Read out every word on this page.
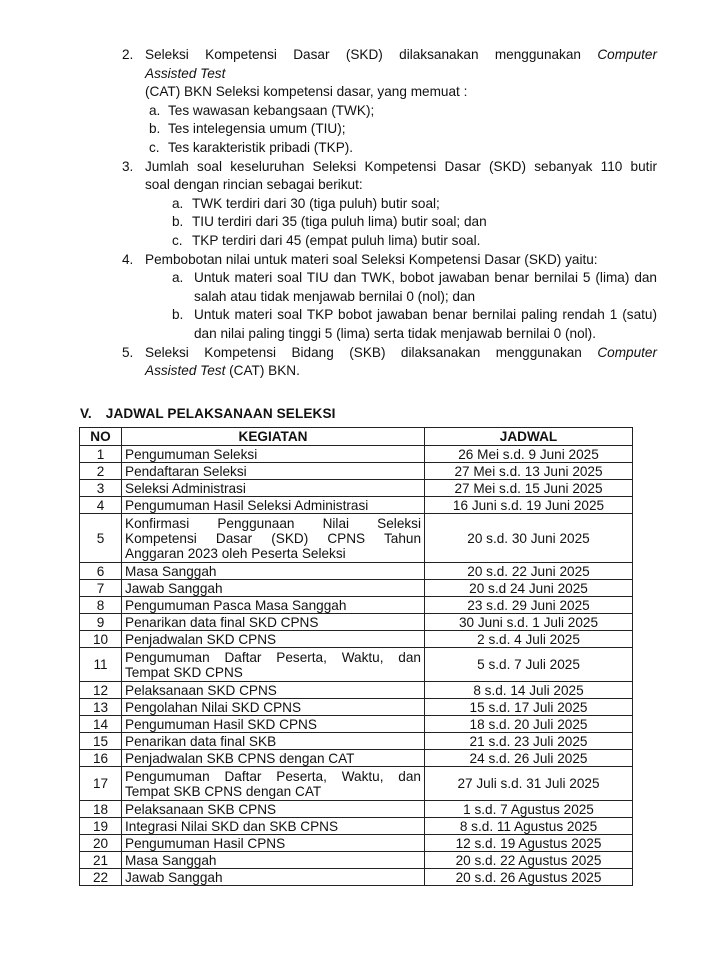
2. Seleksi Kompetensi Dasar (SKD) dilaksanakan menggunakan Computer
Assisted Test
(CAT) BKN Seleksi kompetensi dasar, yang memuat :
a. Tes wawasan kebangsaan (TWK);
b. Tes intelegensia umum (TIU);
c. Tes karakteristik pribadi (TKP).
3. Jumlah soal keseluruhan Seleksi Kompetensi Dasar (SKD) sebanyak 110 butir
soal dengan rincian sebagai berikut:
a. TWK terdiri dari 30 (tiga puluh) butir soal;
b. TIU terdiri dari 35 (tiga puluh lima) butir soal; dan
c. TKP terdiri dari 45 (empat puluh lima) butir soal.
4. Pembobotan nilai untuk materi soal Seleksi Kompetensi Dasar (SKD) yaitu:
a. Untuk materi soal TIU dan TWK, bobot jawaban benar bernilai 5 (lima) dan
salah atau tidak menjawab bernilai 0 (nol); dan
b. Untuk materi soal TKP bobot jawaban benar bernilai paling rendah 1 (satu)
dan nilai paling tinggi 5 (lima) serta tidak menjawab bernilai 0 (nol).
5. Seleksi Kompetensi Bidang (SKB) dilaksanakan menggunakan Computer
Assisted Test (CAT) BKN.
V. JADWAL PELAKSANAAN SELEKSI
NO	KEGIATAN	JADWAL
1	Pengumuman Seleksi	26 Mei s.d. 9 Juni 2025
2	Pendaftaran Seleksi	27 Mei s.d. 13 Juni 2025
3	Seleksi Administrasi	27 Mei s.d. 15 Juni 2025
4	Pengumuman Hasil Seleksi Administrasi	16 Juni s.d. 19 Juni 2025
5	Konfirmasi Penggunaan Nilai Seleksi
Kompetensi Dasar (SKD) CPNS Tahun
Anggaran 2023 oleh Peserta Seleksi	20 s.d. 30 Juni 2025
6	Masa Sanggah	20 s.d. 22 Juni 2025
7	Jawab Sanggah	20 s.d 24 Juni 2025
8	Pengumuman Pasca Masa Sanggah	23 s.d. 29 Juni 2025
9	Penarikan data final SKD CPNS	30 Juni s.d. 1 Juli 2025
10	Penjadwalan SKD CPNS	2 s.d. 4 Juli 2025
11	Pengumuman Daftar Peserta, Waktu, dan
Tempat SKD CPNS	5 s.d. 7 Juli 2025
12	Pelaksanaan SKD CPNS	8 s.d. 14 Juli 2025
13	Pengolahan Nilai SKD CPNS	15 s.d. 17 Juli 2025
14	Pengumuman Hasil SKD CPNS	18 s.d. 20 Juli 2025
15	Penarikan data final SKB	21 s.d. 23 Juli 2025
16	Penjadwalan SKB CPNS dengan CAT	24 s.d. 26 Juli 2025
17	Pengumuman Daftar Peserta, Waktu, dan
Tempat SKB CPNS dengan CAT	27 Juli s.d. 31 Juli 2025
18	Pelaksanaan SKB CPNS	1 s.d. 7 Agustus 2025
19	Integrasi Nilai SKD dan SKB CPNS	8 s.d. 11 Agustus 2025
20	Pengumuman Hasil CPNS	12 s.d. 19 Agustus 2025
21	Masa Sanggah	20 s.d. 22 Agustus 2025
22	Jawab Sanggah	20 s.d. 26 Agustus 2025
